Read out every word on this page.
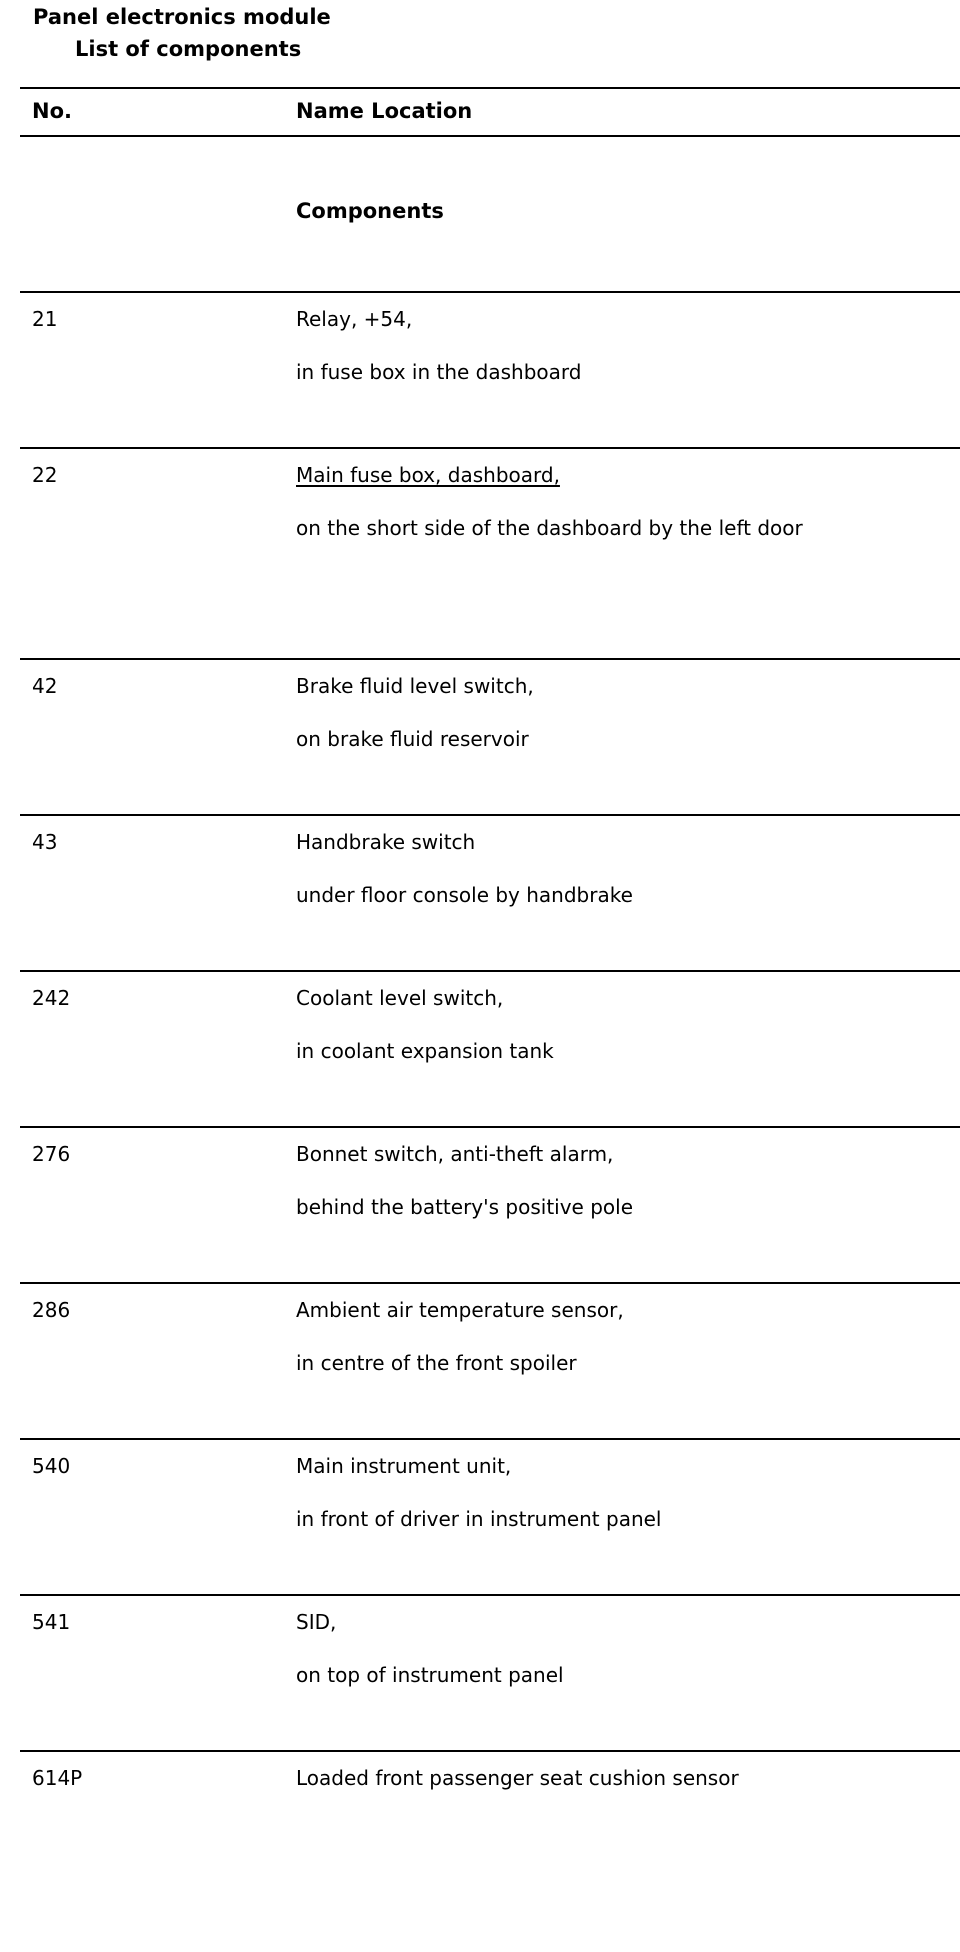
Panel electronics module
List of components
No.	Name Location
Components
21	Relay, +54,
in fuse box in the dashboard
22	Main fuse box, dashboard,
on the short side of the dashboard by the left door
42	Brake fluid level switch,
on brake fluid reservoir
43	Handbrake switch
under floor console by handbrake
242	Coolant level switch,
in coolant expansion tank
276	Bonnet switch, anti-theft alarm,
behind the battery's positive pole
286	Ambient air temperature sensor,
in centre of the front spoiler
540	Main instrument unit,
in front of driver in instrument panel
541	SID,
on top of instrument panel
614P	Loaded front passenger seat cushion sensor
